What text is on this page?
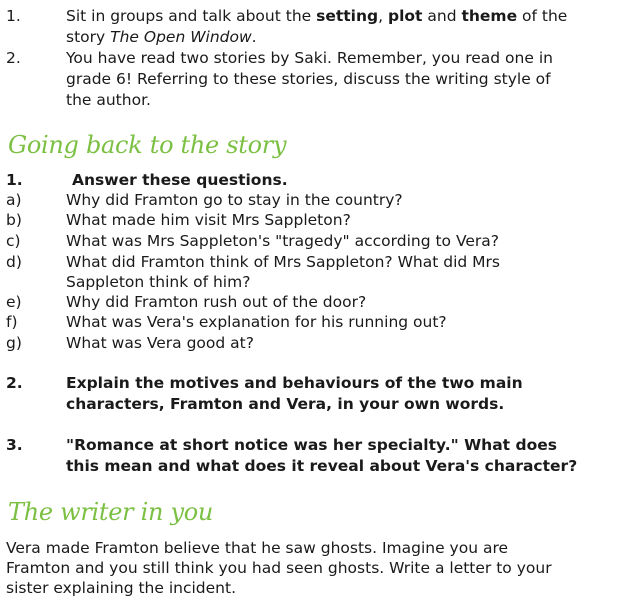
1.	Sit in groups and talk about the setting, plot and theme of the
story The Open Window.
2.	You have read two stories by Saki. Remember, you read one in
grade 6! Referring to these stories, discuss the writing style of
the author.
Going back to the story
1.	Answer these questions.
a)	Why did Framton go to stay in the country?
b)	What made him visit Mrs Sappleton?
c)	What was Mrs Sappleton's "tragedy" according to Vera?
d)	What did Framton think of Mrs Sappleton? What did Mrs
Sappleton think of him?
e)	Why did Framton rush out of the door?
f)	What was Vera's explanation for his running out?
g)	What was Vera good at?
2.	Explain the motives and behaviours of the two main
characters, Framton and Vera, in your own words.
3.	"Romance at short notice was her specialty." What does
this mean and what does it reveal about Vera's character?
The writer in you
Vera made Framton believe that he saw ghosts. Imagine you are
Framton and you still think you had seen ghosts. Write a letter to your
sister explaining the incident.
